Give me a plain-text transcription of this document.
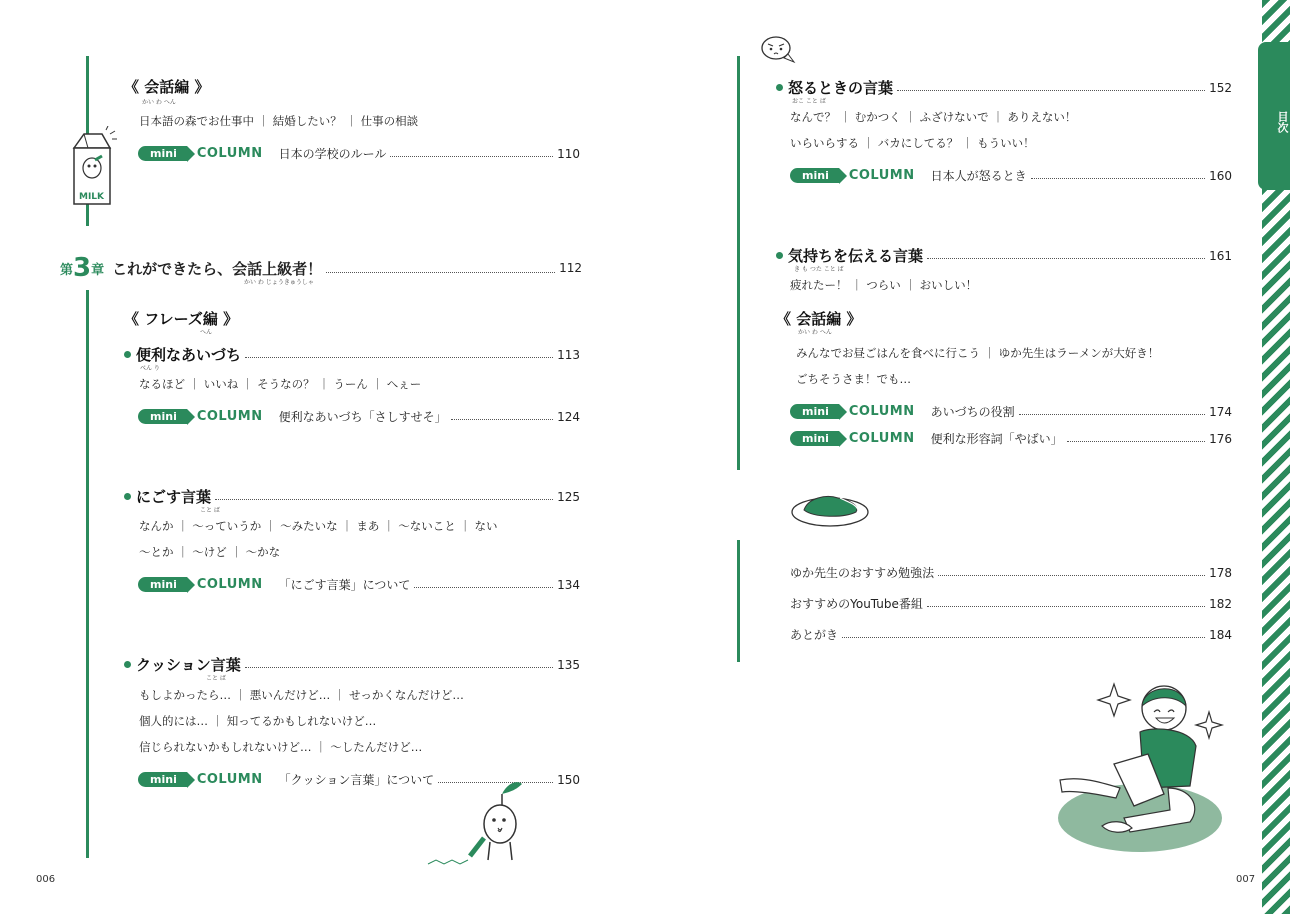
《 会話編 》
かい わ へん
日本語の森でお仕事中 ｜ 結婚したい？ ｜ 仕事の相談
mini	COLUMN 日本の学校のルール	110
MILK
第 3 章 これができたら、会話上級者！	112
かい わ じょうきゅうしゃ
《 フレーズ編 》
へん
便利なあいづち	113
べん り
なるほど ｜ いいね ｜ そうなの？ ｜ うーん ｜ へぇー
mini	COLUMN 便利なあいづち「さしすせそ」	124
にごす言葉	125
こと ば
なんか ｜ 〜っていうか ｜ 〜みたいな ｜ まあ ｜ 〜ないこと ｜ ない
〜とか ｜ 〜けど ｜ 〜かな
mini	COLUMN 「にごす言葉」について	134
クッション言葉	135
こと ば
もしよかったら… ｜ 悪いんだけど… ｜ せっかくなんだけど…
個人的には… ｜ 知ってるかもしれないけど…
信じられないかもしれないけど… ｜ 〜したんだけど…
mini	COLUMN 「クッション言葉」について	150
006
怒るときの言葉	152
おこ こと ば
なんで？ ｜ むかつく ｜ ふざけないで ｜ ありえない！
いらいらする ｜ バカにしてる？ ｜ もういい！
mini	COLUMN 日本人が怒るとき	160
気持ちを伝える言葉	161
き も つた こと ば
疲れたー！ ｜ つらい ｜ おいしい！
《 会話編 》
かい わ へん
みんなでお昼ごはんを食べに行こう ｜ ゆか先生はラーメンが大好き！
ごちそうさま！でも…
mini	COLUMN あいづちの役割	174
mini	COLUMN 便利な形容詞「やばい」	176
ゆか先生のおすすめ勉強法	178
おすすめのYouTube番組	182
あとがき	184
目次
007
